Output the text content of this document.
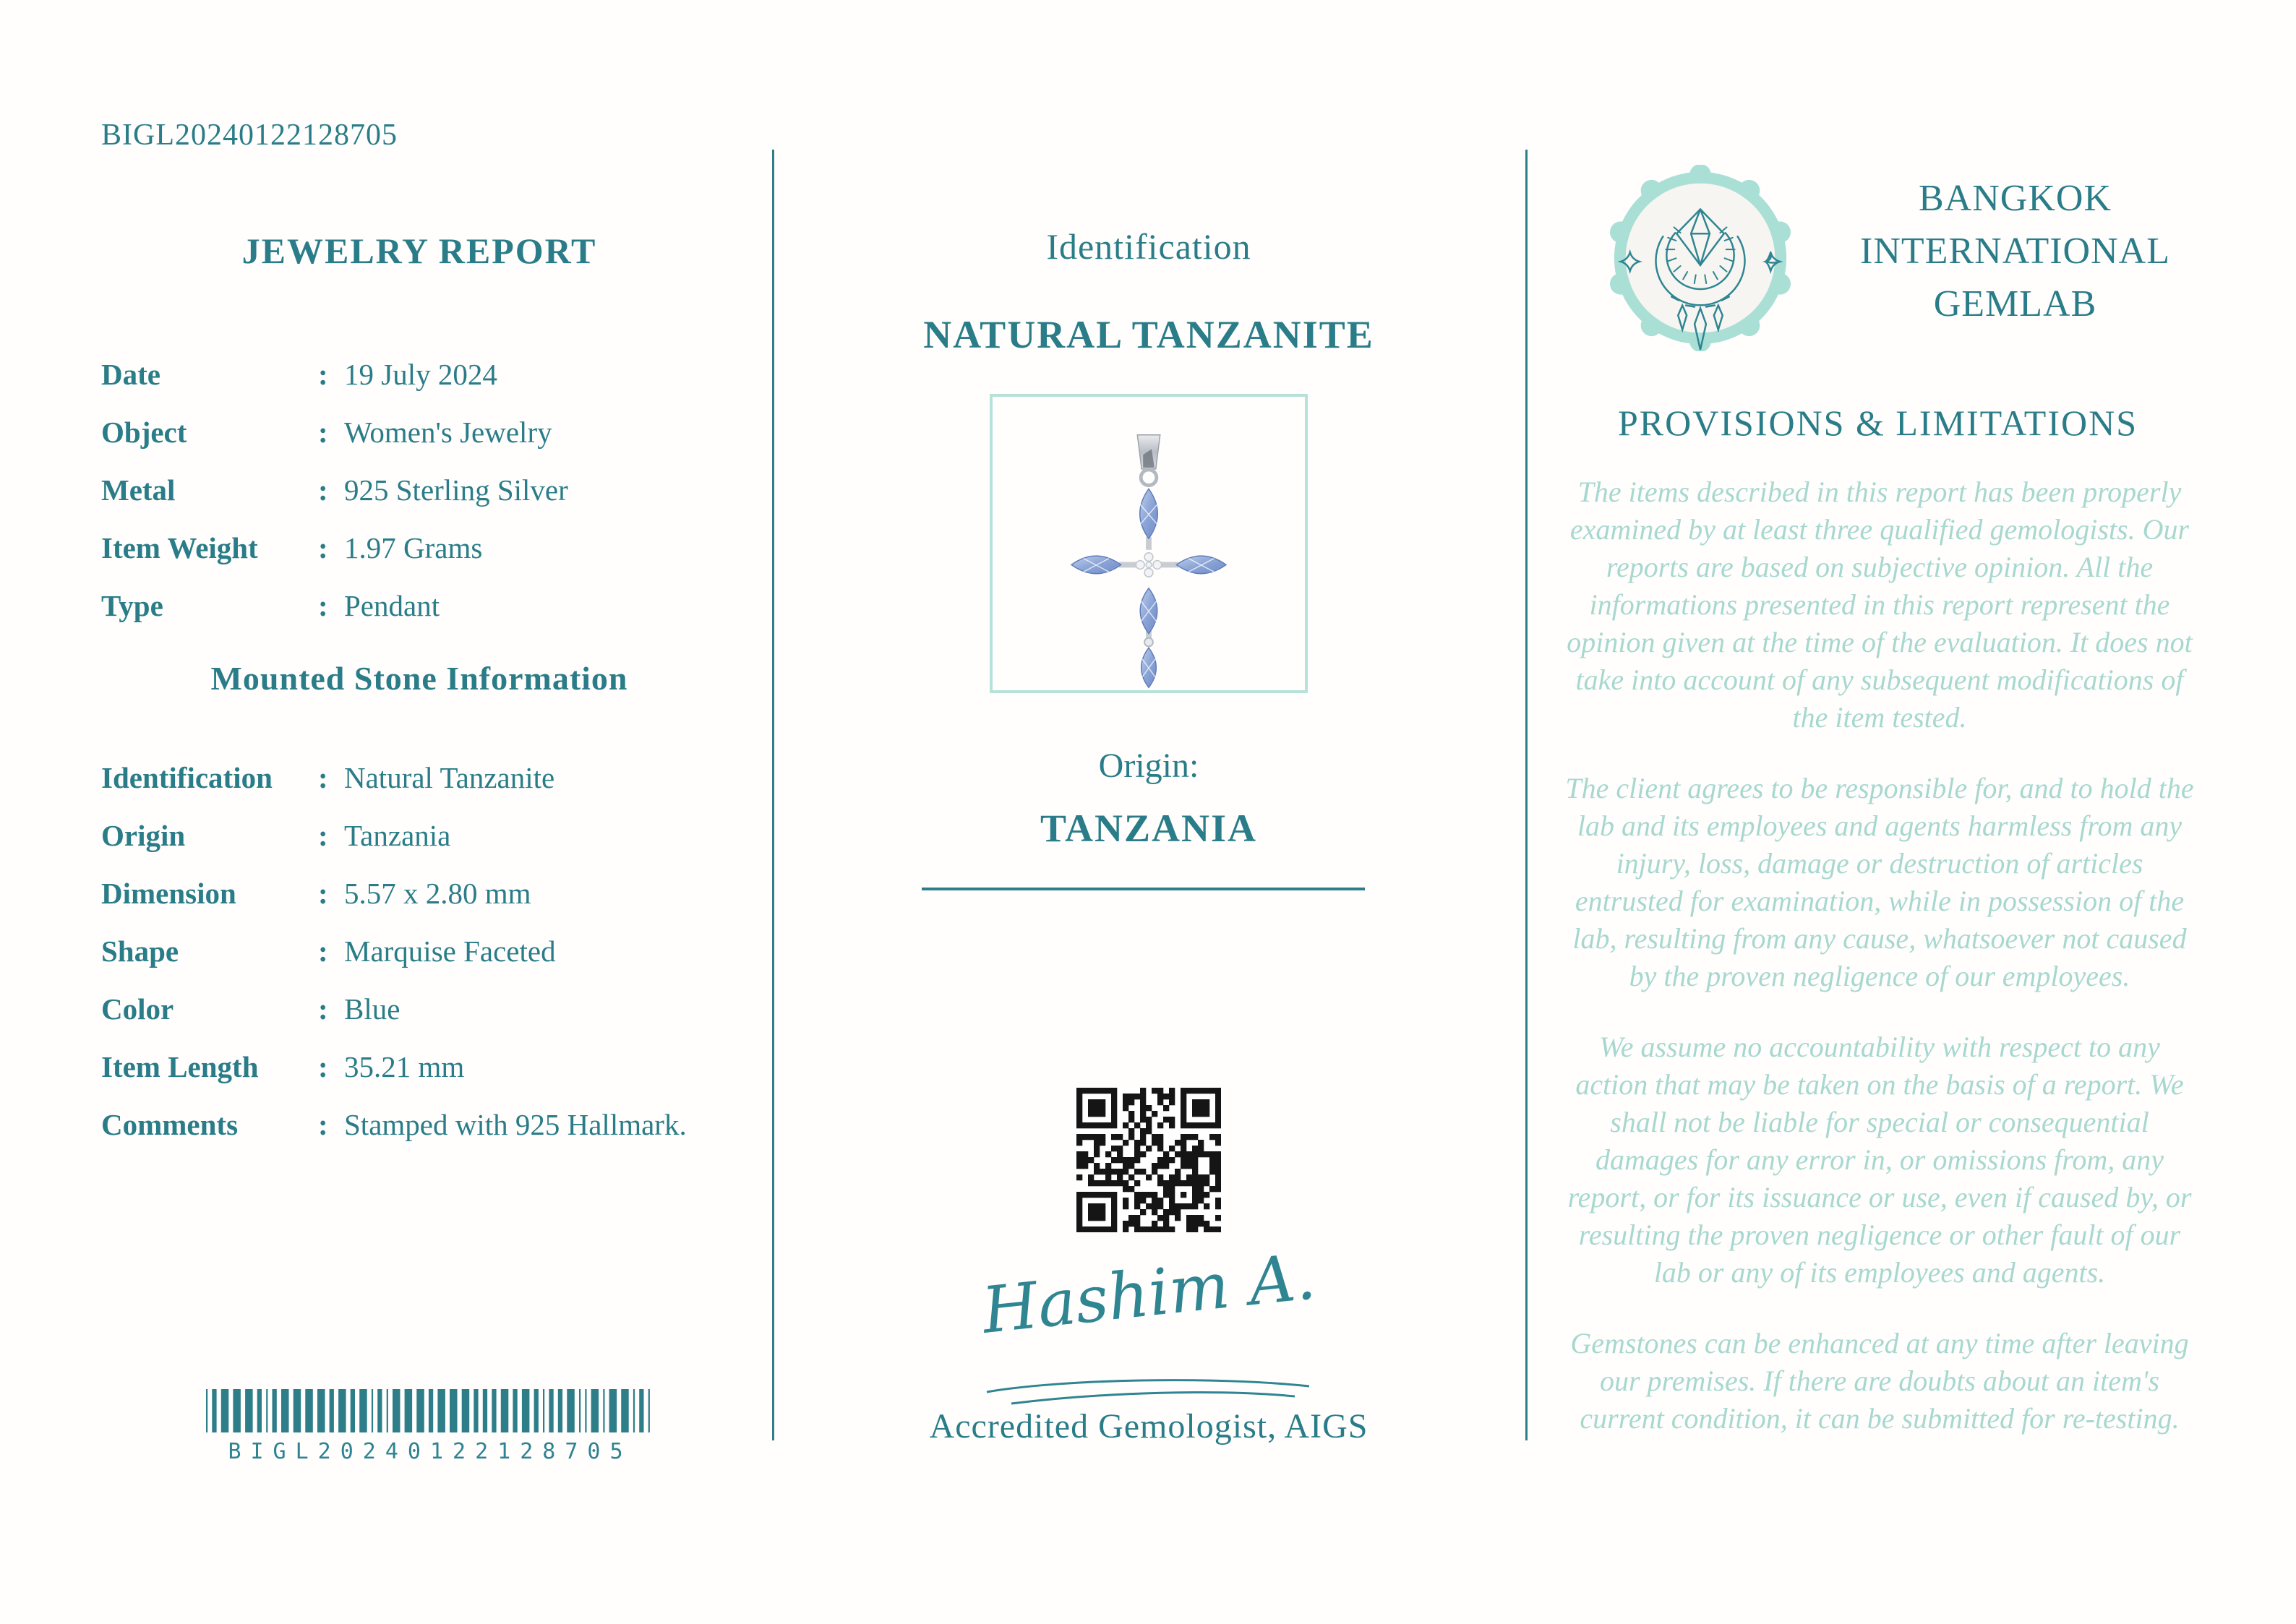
BIGL20240122128705
JEWELRY REPORT
Date	: 19 July 2024
Object	: Women's Jewelry
Metal	: 925 Sterling Silver
Item Weight	: 1.97 Grams
Type	: Pendant
Mounted Stone Information
Identification	: Natural Tanzanite
Origin	: Tanzania
Dimension	: 5.57 x 2.80 mm
Shape	: Marquise Faceted
Color	: Blue
Item Length	: 35.21 mm
Comments	: Stamped with 925 Hallmark.
BIGL20240122128705
Identification
NATURAL TANZANITE
Origin:
TANZANIA
Hashim A.
Accredited Gemologist, AIGS
BANGKOK
INTERNATIONAL
GEMLAB
PROVISIONS & LIMITATIONS

The items described in this report has been properly examined by at least three qualified gemologists. Our reports are based on subjective opinion. All the informations presented in this report represent the opinion given at the time of the evaluation. It does not take into account of any subsequent modifications of the item tested.

The client agrees to be responsible for, and to hold the lab and its employees and agents harmless from any injury, loss, damage or destruction of articles entrusted for examination, while in possession of the lab, resulting from any cause, whatsoever not caused by the proven negligence of our employees.

We assume no accountability with respect to any action that may be taken on the basis of a report. We shall not be liable for special or consequential damages for any error in, or omissions from, any report, or for its issuance or use, even if caused by, or resulting the proven negligence or other fault of our lab or any of its employees and agents.

Gemstones can be enhanced at any time after leaving our premises. If there are doubts about an item's current condition, it can be submitted for re-testing.
